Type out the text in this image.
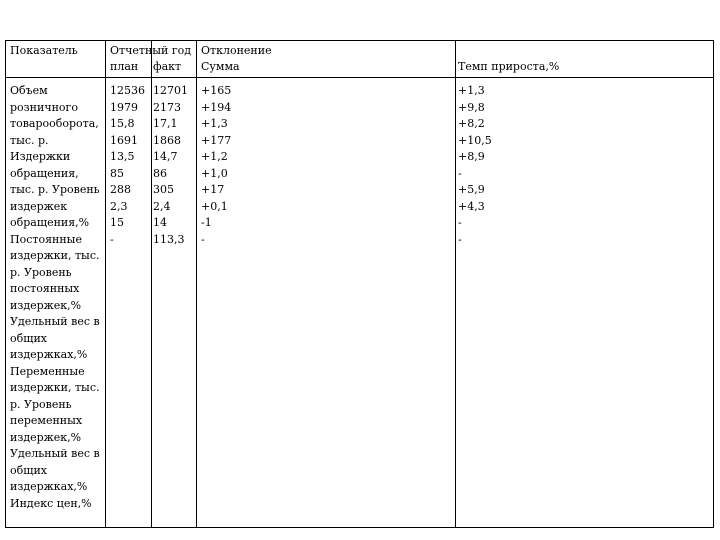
Показатель	Отчетный год
план факт
Отклонение
Сумма	Темп прироста,%
Объем розничного товарооборота, тыс. р. Издержки обращения, тыс. р. Уровень издержек обращения,% Постоянные издержки, тыс. р. Уровень постоянных издержек,% Удельный вес в общих издержках,% Переменные издержки, тыс. р. Уровень переменных издержек,% Удельный вес в общих издержках,% Индекс цен,%
12536
1979
15,8
1691
13,5
85
288
2,3
15
-
12701
2173
17,1
1868
14,7
86
305
2,4
14
113,3
+165
+194
+1,3
+177
+1,2
+1,0
+17
+0,1
-1
-
+1,3
+9,8
+8,2
+10,5
+8,9
-
+5,9
+4,3
-
-
